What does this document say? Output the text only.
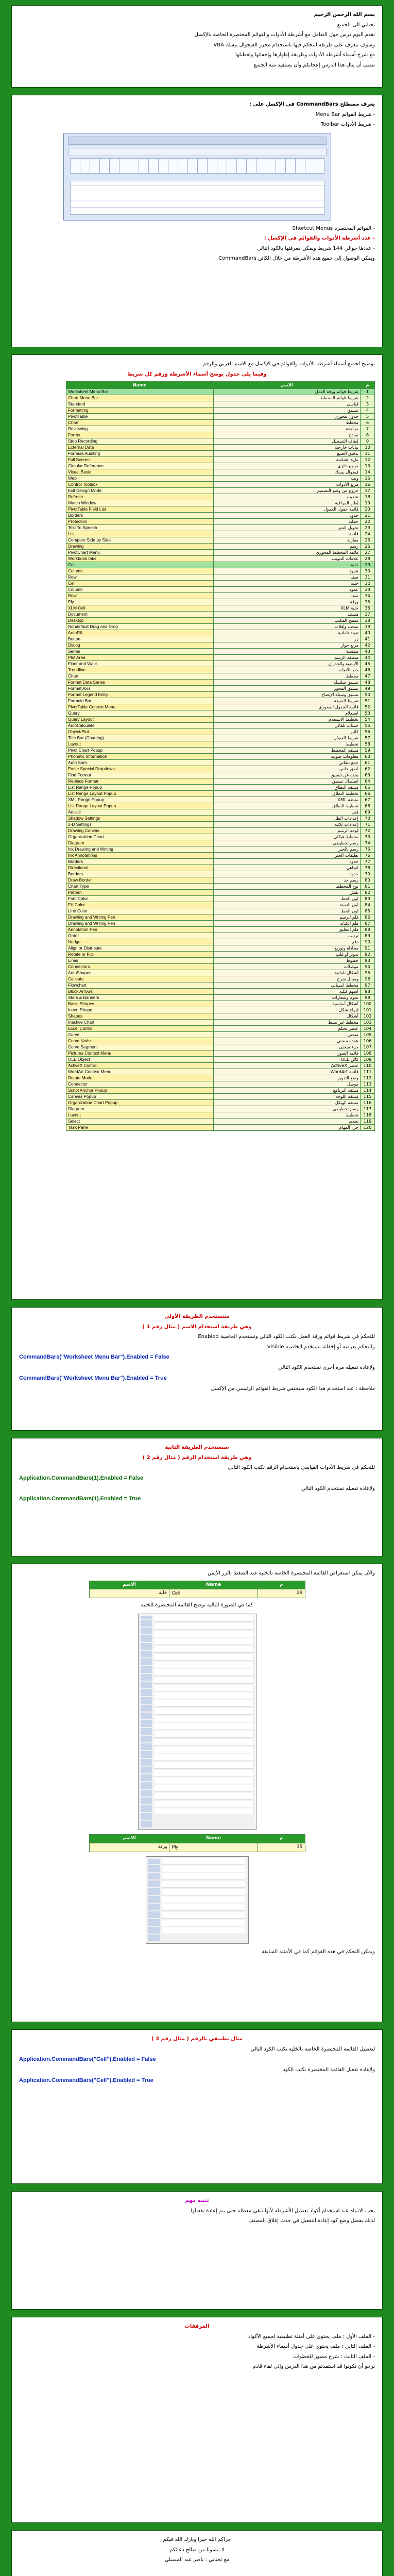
بسم الله الرحمن الرحيم

تحياتي الى الجميع

نقدم اليوم درس حول التعامل مع أشرطة الأدوات والقوائم المختصرة الخاصة بالإكسل

وسوف نتعرف على طريقة التحكم فيها باستخدام محرر الفيجوال بيسك VBA

مع شرح أسماء أشرطة الأدوات وطريقة إظهارها وإخفائها وتعطيلها

نتمنى أن ينال هذا الدرس إعجابكم وأن يستفيد منه الجميع

يعرف مصطلح CommandBars في الإكسل على :

- شريط القوائم Menu Bar

- شريط الأدوات Toolbar

- القوائم المختصرة Shortcut Menus

- عدد أشرطة الأدوات والقوائم في الإكسل :

- عددها حوالي 144 شريط ويمكن معرفتها بالكود التالي

ويمكن الوصول إلى جميع هذه الأشرطة من خلال الكائن CommandBars

توضيح لجميع أسماء أشرطة الأدوات والقوائم في الإكسل مع الاسم العربي والرقم

وفيما يلي جدول يوضح أسماء الأشرطة ورقم كل شريط

م	الاسم	Name
1	شريط قوائم ورقة العمل	Worksheet Menu Bar
2	شريط قوائم المخطط	Chart Menu Bar
3	قياسي	Standard
4	تنسيق	Formatting
5	جدول محوري	PivotTable
6	مخطط	Chart
7	مراجعة	Reviewing
8	نماذج	Forms
9	إيقاف التسجيل	Stop Recording
10	بيانات خارجية	External Data
11	تدقيق الصيغ	Formula Auditing
12	ملء الشاشة	Full Screen
13	مرجع دائري	Circular Reference
14	فيجوال بيسك	Visual Basic
15	ويب	Web
16	مربع الأدوات	Control Toolbox
17	خروج من وضع التصميم	Exit Design Mode
18	تحديث	Refresh
19	إطار المراقبة	Watch Window
20	قائمة حقول الجدول	PivotTable Field List
21	حدود	Borders
22	حماية	Protection
23	تحويل النص	Text To Speech
24	قائمة	List
25	مقارنة	Compare Side by Side
26	رسم	Drawing
27	قائمة المخطط المحوري	PivotChart Menu
28	علامات التبويب	Workbook tabs
29	خلية	Cell
30	عمود	Column
31	صف	Row
32	خلية	Cell
33	عمود	Column
34	صف	Row
35	ورقة	Ply
36	خلية XLM	XLM Cell
37	مستند	Document
38	سطح المكتب	Desktop
39	سحب وإفلات	Nondefault Drag and Drop
40	تعبئة تلقائية	AutoFill
41	زر	Button
42	مربع حوار	Dialog
43	سلسلة	Series
44	منطقة الرسم	Plot Area
45	الأرضية والجدران	Floor and Walls
46	خط الاتجاه	Trendline
47	مخطط	Chart
48	تنسيق سلسلة	Format Data Series
49	تنسيق المحور	Format Axis
50	تنسيق وسيلة الإيضاح	Format Legend Entry
51	شريط الصيغة	Formula Bar
52	قائمة الجدول المحوري	PivotTable Context Menu
53	استعلام	Query
54	تخطيط الاستعلام	Query Layout
55	حساب تلقائي	AutoCalculate
56	كائن	Object/Plot
57	شريط العنوان	Title Bar (Charting)
58	تخطيط	Layout
59	منبثقة المخطط	Pivot Chart Popup
60	معلومات صوتية	Phonetic Information
61	جمع تلقائي	Auto Sum
62	لصق خاص	Paste Special Dropdown
63	بحث عن تنسيق	Find Format
64	استبدال تنسيق	Replace Format
65	منبثقة النطاق	List Range Popup
66	تخطيط النطاق	List Range Layout Popup
67	منبثقة XML	XML Range Popup
68	تخطيط النطاق	List Range Layout Popup
69	فني	Artistic
70	إعدادات الظل	Shadow Settings
71	إعدادات ثلاثية	3-D Settings
72	لوحة الرسم	Drawing Canvas
73	مخطط هيكلي	Organization Chart
74	رسم تخطيطي	Diagram
75	رسم بالحبر	Ink Drawing and Writing
76	تعليقات الحبر	Ink Annotations
77	حدود	Borders
78	اتجاهي	Directional
79	حدود	Borders
80	رسم حد	Draw Border
81	نوع المخطط	Chart Type
82	نقش	Pattern
83	لون الخط	Font Color
84	لون التعبئة	Fill Color
85	لون الخط	Line Color
86	قلم الرسم	Drawing and Writing Pen
87	قلم الكتابة	Drawing and Writing Pen
88	قلم التعليق	Annotation Pen
89	ترتيب	Order
90	دفع	Nudge
91	محاذاة وتوزيع	Align or Distribute
92	تدوير أو قلب	Rotate or Flip
93	خطوط	Lines
94	موصلات	Connectors
95	أشكال تلقائية	AutoShapes
96	وسائل شرح	Callouts
97	مخطط انسيابي	Flowchart
98	أسهم كتلية	Block Arrows
99	نجوم وشعارات	Stars & Banners
100	أشكال أساسية	Basic Shapes
101	إدراج شكل	Insert Shape
102	أشكال	Shapes
103	مخطط غير نشط	Inactive Chart
104	عنصر تحكم	Excel Control
105	منحنى	Curve
106	عقدة منحنى	Curve Node
107	جزء منحنى	Curve Segment
108	قائمة الصور	Pictures Context Menu
109	كائن OLE	OLE Object
110	عنصر ActiveX	ActiveX Control
111	قائمة WordArt	WordArt Context Menu
112	وضع التدوير	Rotate Mode
113	موصل	Connector
114	منبثقة البرنامج	Script Anchor Popup
115	منبثقة اللوحة	Canvas Popup
116	منبثقة الهيكل	Organization Chart Popup
117	رسم تخطيطي	Diagram
118	تخطيط	Layout
119	تحديد	Select
120	جزء المهام	Task Pane

سنستخدم الطريقة الأولى

وهي طريقة استخدام الاسم ( مثال رقم 1 )

للتحكم في شريط قوائم ورقة العمل نكتب الكود التالي ونستخدم الخاصية Enabled

وللتحكم بعرضه أو إخفائه نستخدم الخاصية Visible

CommandBars("Worksheet Menu Bar").Enabled = False

ولإعادة تفعيله مرة أخرى نستخدم الكود التالي

CommandBars("Worksheet Menu Bar").Enabled = True

ملاحظة : عند استخدام هذا الكود سيختفي شريط القوائم الرئيسي من الإكسل

سنستخدم الطريقة الثانية

وهي طريقة استخدام الرقم ( مثال رقم 2 )

للتحكم في شريط الأدوات القياسي باستخدام الرقم نكتب الكود التالي

Application.CommandBars(1).Enabled = False

ولإعادة تفعيله نستخدم الكود التالي

Application.CommandBars(1).Enabled = True

والآن يمكن استعراض القائمة المختصرة الخاصة بالخلية عند الضغط بالزر الأيمن

م	Name	الاسم
29	Cell	خلية

كما في الصورة التالية توضح القائمة المختصرة للخلية

م	Name	الاسم
35	Ply	ورقة

ويمكن التحكم في هذه القوائم كما في الأمثلة السابقة

مثال تطبيقي بالرقم ( مثال رقم 3 )

لتعطيل القائمة المختصرة الخاصة بالخلية نكتب الكود التالي

Application.CommandBars("Cell").Enabled = False

ولإعادة تفعيل القائمة المختصرة نكتب الكود

Application.CommandBars("Cell").Enabled = True

تنبيه مهم

يجب الانتباه عند استخدام أكواد تعطيل الأشرطة لأنها تبقى معطلة حتى يتم إعادة تفعيلها

لذلك يفضل وضع كود إعادة التفعيل في حدث إغلاق المصنف

المرفقات

- الملف الأول : ملف يحتوي على أمثلة تطبيقية لجميع الأكواد

- الملف الثاني : ملف يحتوي على جدول أسماء الأشرطة

- الملف الثالث : شرح مصور للخطوات

نرجو أن تكونوا قد استفدتم من هذا الدرس وإلى لقاء قادم

جزاكم الله خيرا وبارك الله فيكم

لا تنسونا من صالح دعائكم

مع تحياتي : ناصر عبد المسيلي
